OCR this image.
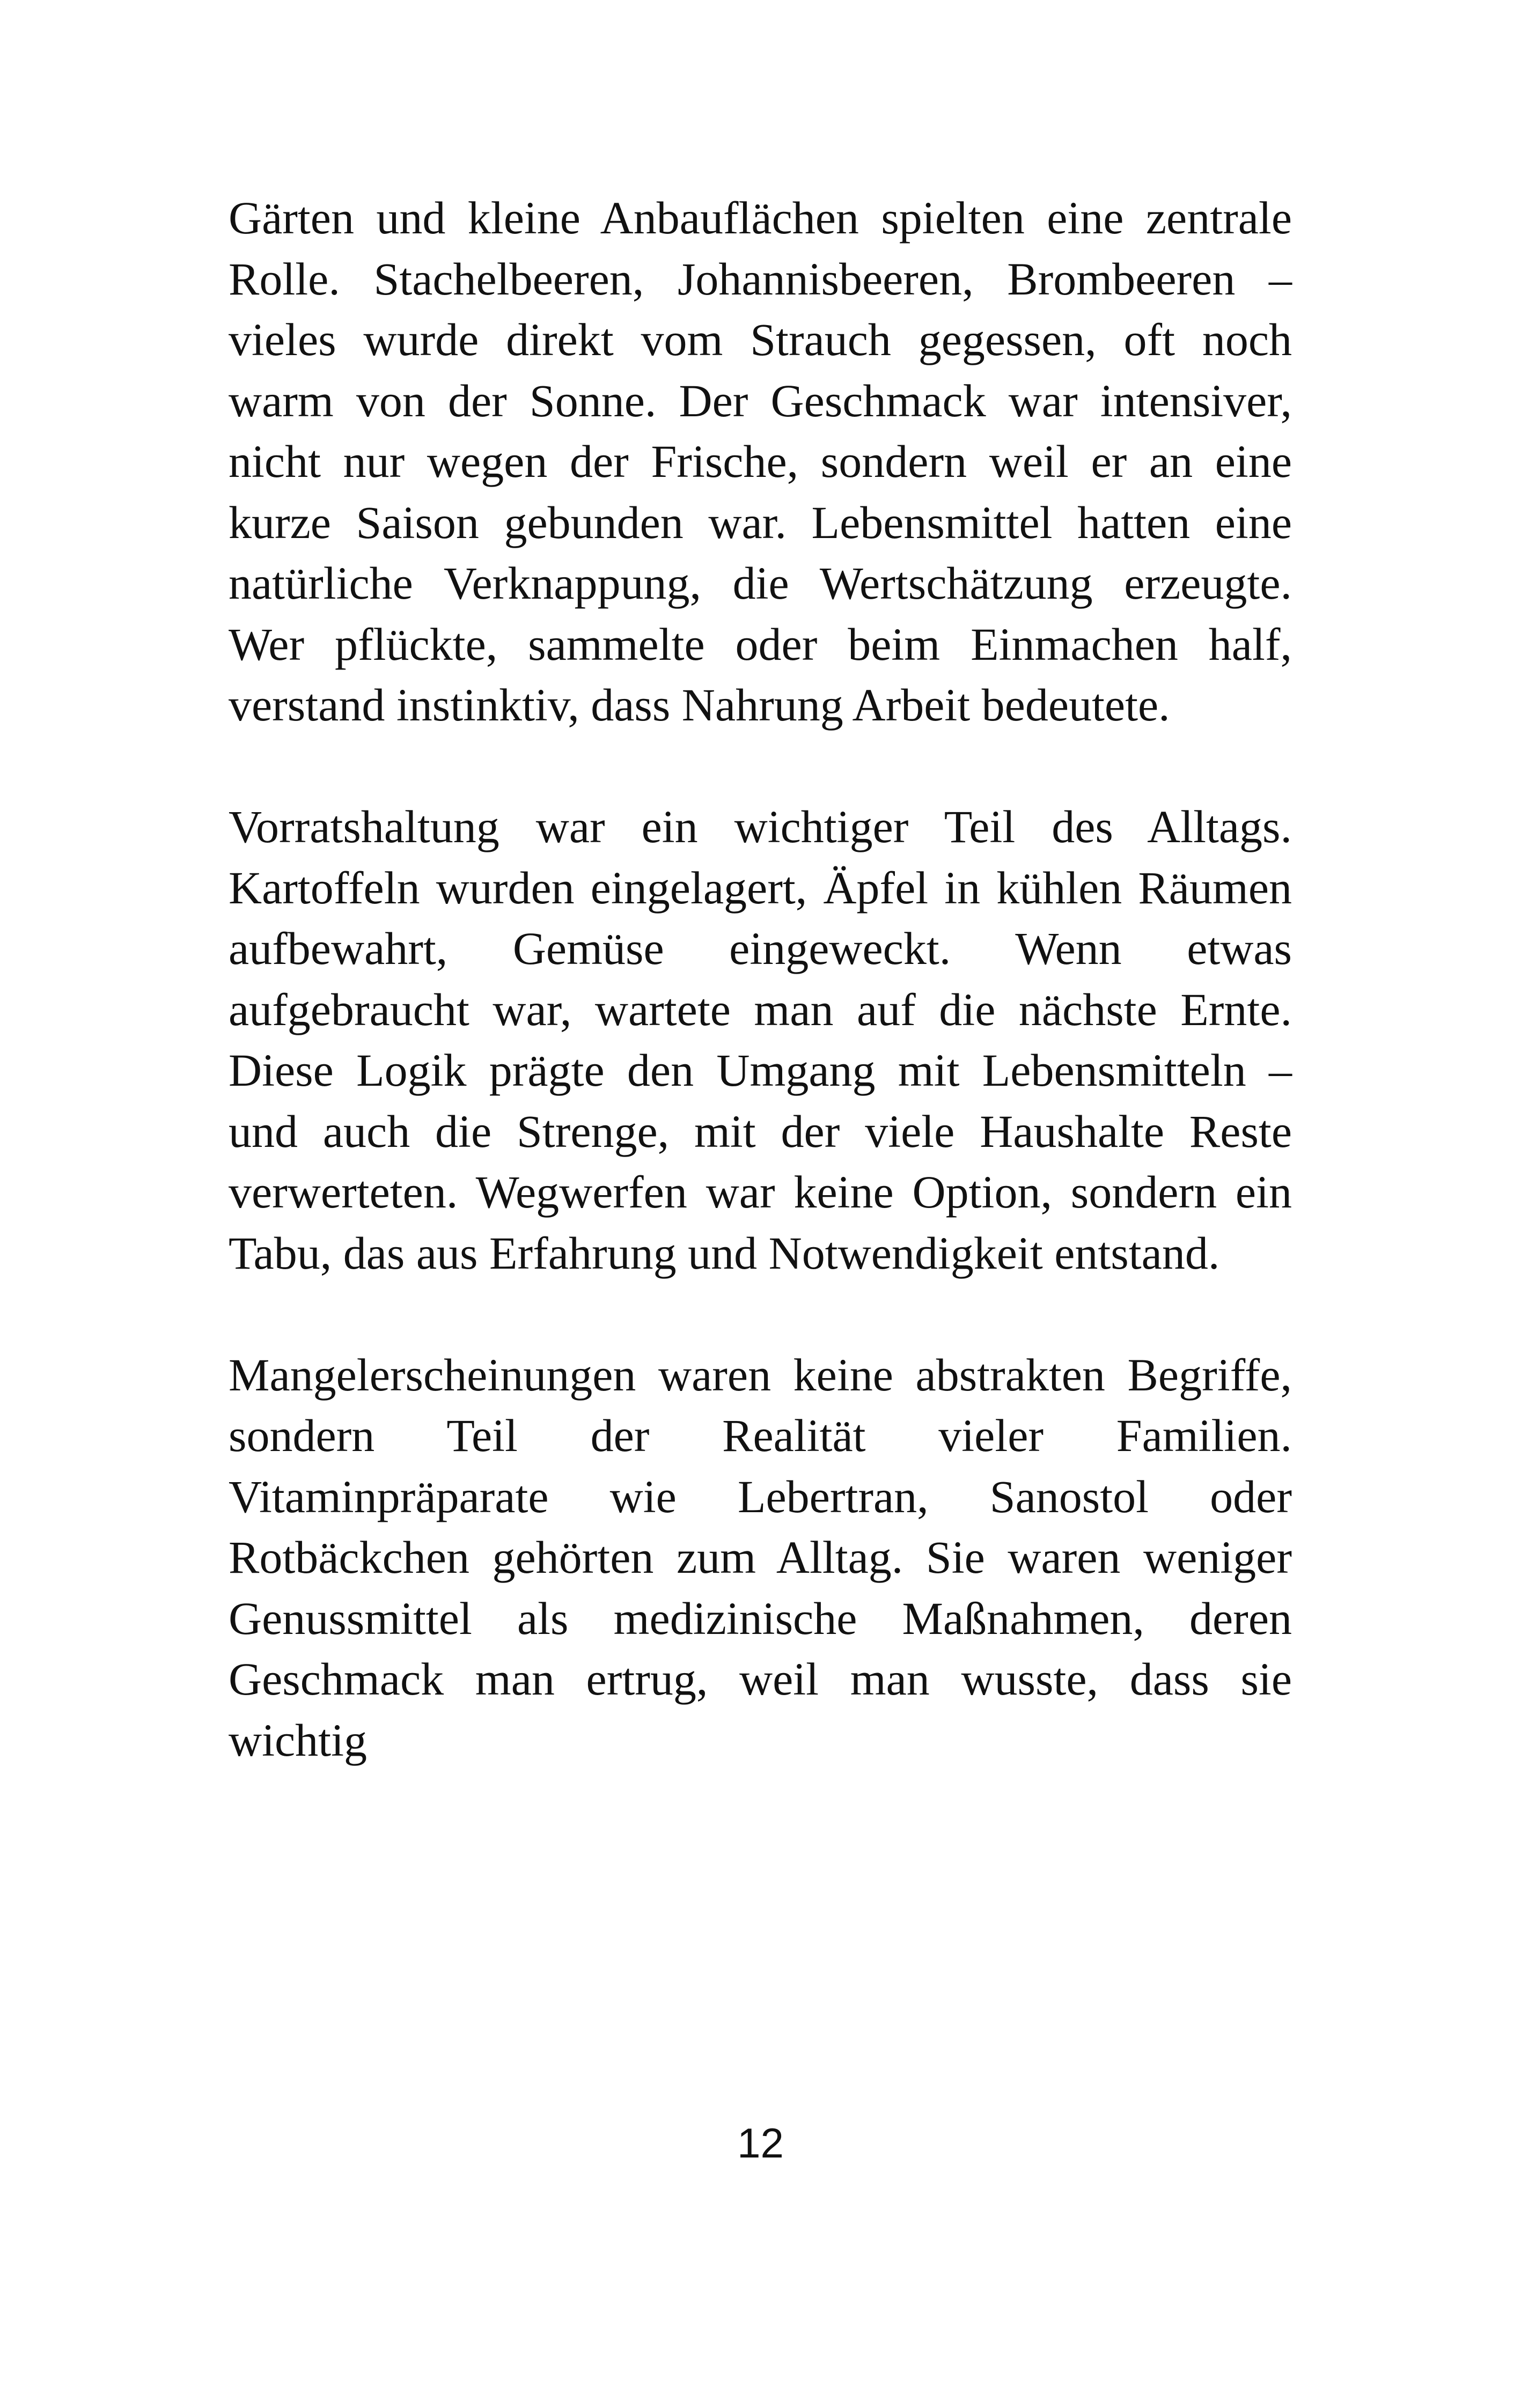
Gärten und kleine Anbauflächen spielten eine zentrale Rolle. Stachelbeeren, Johannisbeeren, Brombeeren – vieles wurde direkt vom Strauch gegessen, oft noch warm von der Sonne. Der Geschmack war intensiver, nicht nur wegen der Frische, sondern weil er an eine kurze Saison gebunden war. Lebensmittel hatten eine natürliche Verknappung, die Wertschätzung erzeugte. Wer pflückte, sammelte oder beim Einmachen half, verstand instinktiv, dass Nahrung Arbeit bedeutete.

Vorratshaltung war ein wichtiger Teil des Alltags. Kartoffeln wurden eingelagert, Äpfel in kühlen Räumen aufbewahrt, Gemüse eingeweckt. Wenn etwas aufgebraucht war, wartete man auf die nächste Ernte. Diese Logik prägte den Umgang mit Lebensmitteln – und auch die Strenge, mit der viele Haushalte Reste verwerteten. Wegwerfen war keine Option, sondern ein Tabu, das aus Erfahrung und Notwendigkeit entstand.

Mangelerscheinungen waren keine abstrakten Begriffe, sondern Teil der Realität vieler Familien. Vitaminpräparate wie Lebertran, Sanostol oder Rotbäckchen gehörten zum Alltag. Sie waren weniger Genussmittel als medizinische Maßnahmen, deren Geschmack man ertrug, weil man wusste, dass sie wichtig

12
